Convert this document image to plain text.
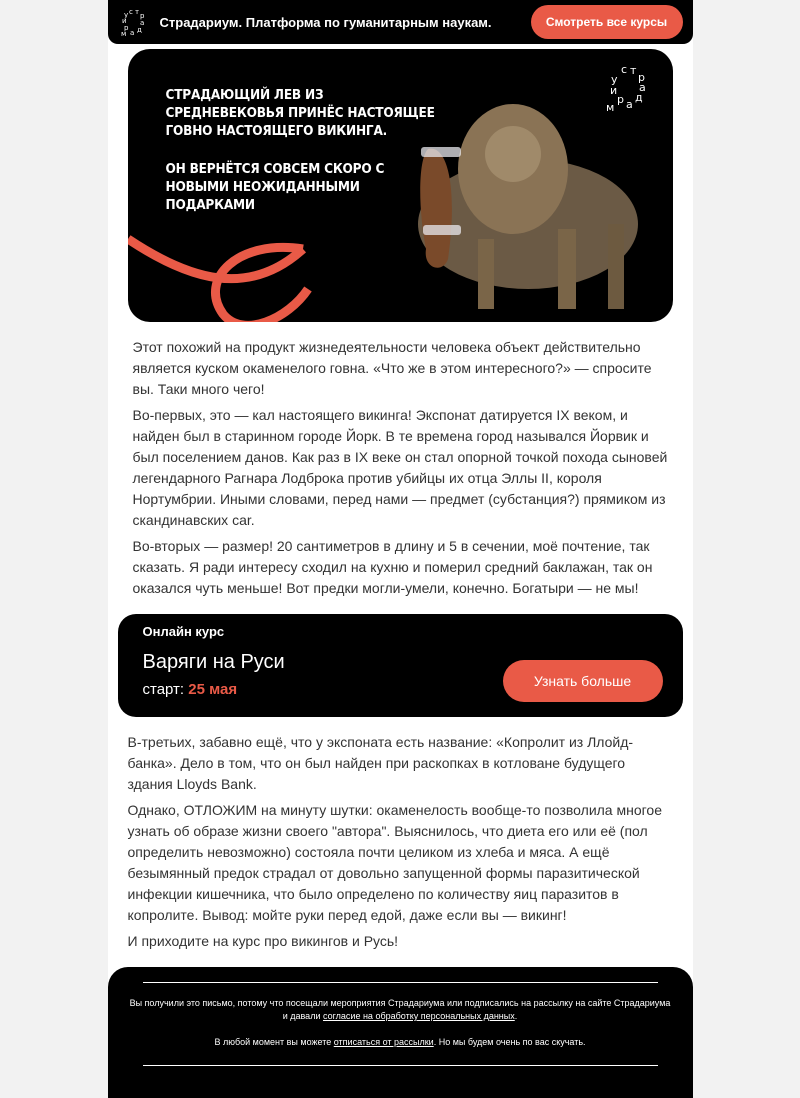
с т р
а
д
а
р
и
у
м
Страдариум. Платформа по гуманитарным наукам.	Смотреть все курсы

СТРАДАЮЩИЙ ЛЕВ ИЗ СРЕДНЕВЕКОВЬЯ ПРИНЁС НАСТОЯЩЕЕ ГОВНО НАСТОЯЩЕГО ВИКИНГА.

ОН ВЕРНЁТСЯ СОВСЕМ СКОРО С НОВЫМИ НЕОЖИДАННЫМИ ПОДАРКАМИ

с т
р
а
д
а
р
и
у
м

Этот похожий на продукт жизнедеятельности человека объект действительно является куском окаменелого говна. «Что же в этом интересного?» — спросите вы. Таки много чего!

Во-первых, это — кал настоящего викинга! Экспонат датируется IX веком, и найден был в старинном городе Йорк. В те времена город назывался Йорвик и был поселением данов. Как раз в IX веке он стал опорной точкой похода сыновей легендарного Рагнара Лодброка против убийцы их отца Эллы II, короля Нортумбрии. Иными словами, перед нами — предмет (субстанция?) прямиком из скандинавских car.

Во-вторых — размер! 20 сантиметров в длину и 5 в сечении, моё почтение, так сказать. Я ради интересу сходил на кухню и померил средний баклажан, так он оказался чуть меньше! Вот предки могли-умели, конечно. Богатыри — не мы!

Онлайн курс
Варяги на Руси
старт: 25 мая	Узнать больше

В-третьих, забавно ещё, что у экспоната есть название: «Копролит из Ллойд-банка». Дело в том, что он был найден при раскопках в котловане будущего здания Lloyds Bank.

Однако, ОТЛОЖИМ на минуту шутки: окаменелость вообще-то позволила многое узнать об образе жизни своего "автора". Выяснилось, что диета его или её (пол определить невозможно) состояла почти целиком из хлеба и мяса. А ещё безымянный предок страдал от довольно запущенной формы паразитической инфекции кишечника, что было определено по количеству яиц паразитов в копролите. Вывод: мойте руки перед едой, даже если вы — викинг!

И приходите на курс про викингов и Русь!

Вы получили это письмо, потому что посещали мероприятия Страдариума или подписались на рассылку на сайте Страдариума и давали согласие на обработку персональных данных.

В любой момент вы можете отписаться от рассылки. Но мы будем очень по вас скучать.
